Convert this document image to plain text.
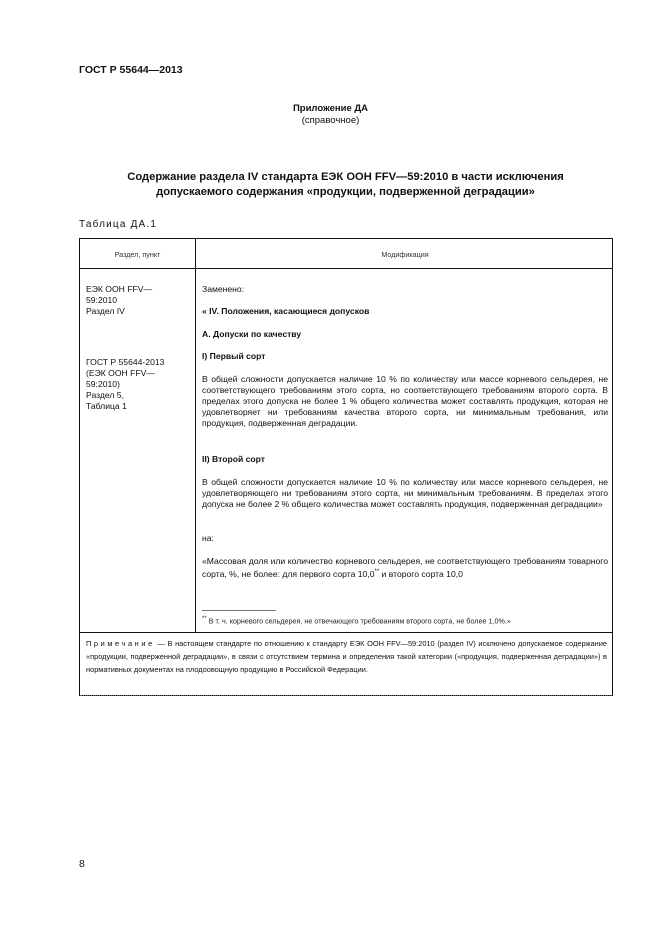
ГОСТ Р 55644—2013
Приложение ДА
(справочное)
Содержание раздела IV стандарта ЕЭК ООН FFV—59:2010 в части исключения
допускаемого содержания «продукции, подверженной деградации»
Таблица ДА.1
Раздел, пункт	Модификация
ЕЭК ООН FFV—
59:2010
Раздел IV
ГОСТ Р 55644-2013
(ЕЭК ООН FFV—
59:2010)
Раздел 5,
Таблица 1
Заменено:
« IV. Положения, касающиеся допусков
А. Допуски по качеству
I) Первый сорт
В общей сложности допускается наличие 10 % по количеству или массе корневого сельдерея, не соответствующего требованиям этого сорта, но соответствующего требованиям второго сорта. В пределах этого допуска не более 1 % общего количества может составлять продукция, которая не удовлетворяет ни требованиям качества второго сорта, ни минимальным требования, или продукция, подверженная деградации.
II) Второй сорт
В общей сложности допускается наличие 10 % по количеству или массе корневого сельдерея, не удовлетворяющего ни требованиям этого сорта, ни минимальным требованиям. В пределах этого допуска не более 2 % общего количества может составлять продукция, подверженная деградации»
на:
«Массовая доля или количество корневого сельдерея, не соответствующего требованиям товарного сорта, %, не более: для первого сорта 10,0** и второго сорта 10,0
** В т. ч. корневого сельдерея, не отвечающего требованиям второго сорта, не более 1,0%.»
Примечание — В настоящем стандарте по отношению к стандарту ЕЭК ООН FFV—59:2010 (раздел IV) исключено допускаемое содержание «продукции, подверженной деградации», в связи с отсутствием термина и определения такой категории («продукция, подверженная деградации») в нормативных документах на плодоовощную продукцию в Российской Федерации.
8
